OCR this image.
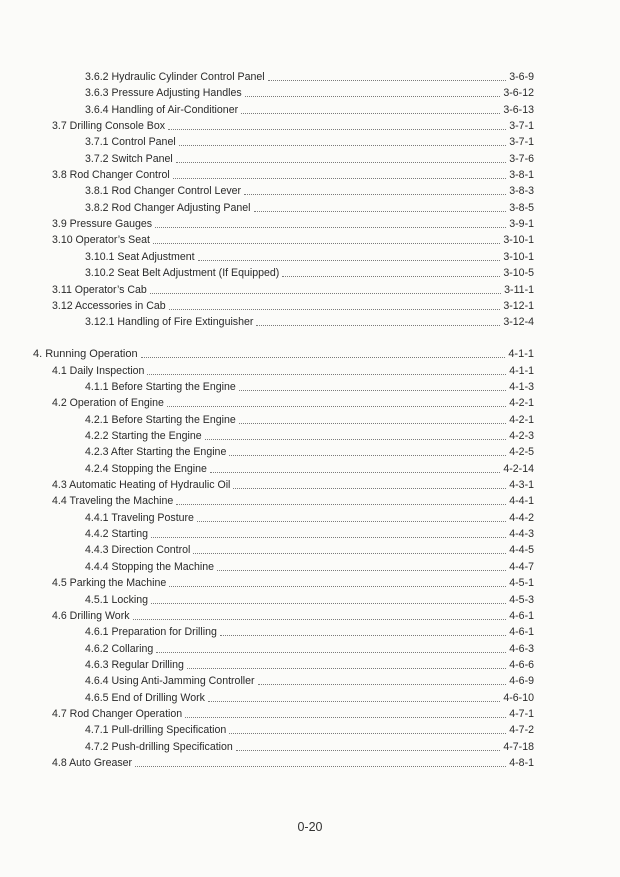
3.6.2 Hydraulic Cylinder Control Panel	3-6-9
3.6.3 Pressure Adjusting Handles	3-6-12
3.6.4 Handling of Air-Conditioner	3-6-13
3.7 Drilling Console Box	3-7-1
3.7.1 Control Panel	3-7-1
3.7.2 Switch Panel	3-7-6
3.8 Rod Changer Control	3-8-1
3.8.1 Rod Changer Control Lever	3-8-3
3.8.2 Rod Changer Adjusting Panel	3-8-5
3.9 Pressure Gauges	3-9-1
3.10 Operator’s Seat	3-10-1
3.10.1 Seat Adjustment	3-10-1
3.10.2 Seat Belt Adjustment (If Equipped)	3-10-5
3.11 Operator’s Cab	3-11-1
3.12 Accessories in Cab	3-12-1
3.12.1 Handling of Fire Extinguisher	3-12-4
4. Running Operation	4-1-1
4.1 Daily Inspection	4-1-1
4.1.1 Before Starting the Engine	4-1-3
4.2 Operation of Engine	4-2-1
4.2.1 Before Starting the Engine	4-2-1
4.2.2 Starting the Engine	4-2-3
4.2.3 After Starting the Engine	4-2-5
4.2.4 Stopping the Engine	4-2-14
4.3 Automatic Heating of Hydraulic Oil	4-3-1
4.4 Traveling the Machine	4-4-1
4.4.1 Traveling Posture	4-4-2
4.4.2 Starting	4-4-3
4.4.3 Direction Control	4-4-5
4.4.4 Stopping the Machine	4-4-7
4.5 Parking the Machine	4-5-1
4.5.1 Locking	4-5-3
4.6 Drilling Work	4-6-1
4.6.1 Preparation for Drilling	4-6-1
4.6.2 Collaring	4-6-3
4.6.3 Regular Drilling	4-6-6
4.6.4 Using Anti-Jamming Controller	4-6-9
4.6.5 End of Drilling Work	4-6-10
4.7 Rod Changer Operation	4-7-1
4.7.1 Pull-drilling Specification	4-7-2
4.7.2 Push-drilling Specification	4-7-18
4.8 Auto Greaser	4-8-1
0-20
